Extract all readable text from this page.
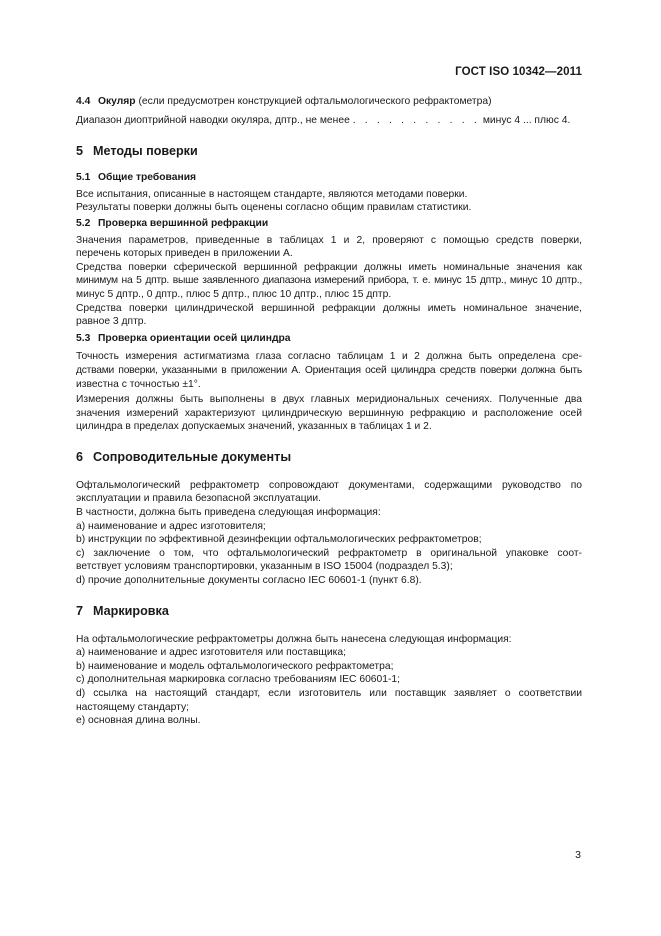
ГОСТ ISO 10342—2011

4.4 Окуляр (если предусмотрен конструкцией офтальмологического рефрактометра)

Диапазон диоптрийной наводки окуляра, дптр., не менее . . . . . . . . . . . минус 4 ... плюс 4.

5 Методы поверки

5.1 Общие требования

Все испытания, описанные в настоящем стандарте, являются методами поверки.

Результаты поверки должны быть оценены согласно общим правилам статистики.

5.2 Проверка вершинной рефракции

Значения параметров, приведенные в таблицах 1 и 2, проверяют с помощью средств поверки,

перечень которых приведен в приложении А.

Средства поверки сферической вершинной рефракции должны иметь номинальные значения как

минимум на 5 дптр. выше заявленного диапазона измерений прибора, т. е. минус 15 дптр., минус 10 дптр.,

минус 5 дптр., 0 дптр., плюс 5 дптр., плюс 10 дптр., плюс 15 дптр.

Средства поверки цилиндрической вершинной рефракции должны иметь номинальное значение,

равное 3 дптр.

5.3 Проверка ориентации осей цилиндра

Точность измерения астигматизма глаза согласно таблицам 1 и 2 должна быть определена сре-

дствами поверки, указанными в приложении А. Ориентация осей цилиндра средств поверки должна быть

известна с точностью ±1°.

Измерения должны быть выполнены в двух главных меридиональных сечениях. Полученные два

значения измерений характеризуют цилиндрическую вершинную рефракцию и расположение осей

цилиндра в пределах допускаемых значений, указанных в таблицах 1 и 2.

6 Сопроводительные документы

Офтальмологический рефрактометр сопровождают документами, содержащими руководство по

эксплуатации и правила безопасной эксплуатации.

В частности, должна быть приведена следующая информация:

a) наименование и адрес изготовителя;

b) инструкции по эффективной дезинфекции офтальмологических рефрактометров;

c) заключение о том, что офтальмологический рефрактометр в оригинальной упаковке соот-

ветствует условиям транспортировки, указанным в ISO 15004 (подраздел 5.3);

d) прочие дополнительные документы согласно IEC 60601-1 (пункт 6.8).

7 Маркировка

На офтальмологические рефрактометры должна быть нанесена следующая информация:

a) наименование и адрес изготовителя или поставщика;

b) наименование и модель офтальмологического рефрактометра;

c) дополнительная маркировка согласно требованиям IEC 60601-1;

d) ссылка на настоящий стандарт, если изготовитель или поставщик заявляет о соответствии

настоящему стандарту;

e) основная длина волны.

3
